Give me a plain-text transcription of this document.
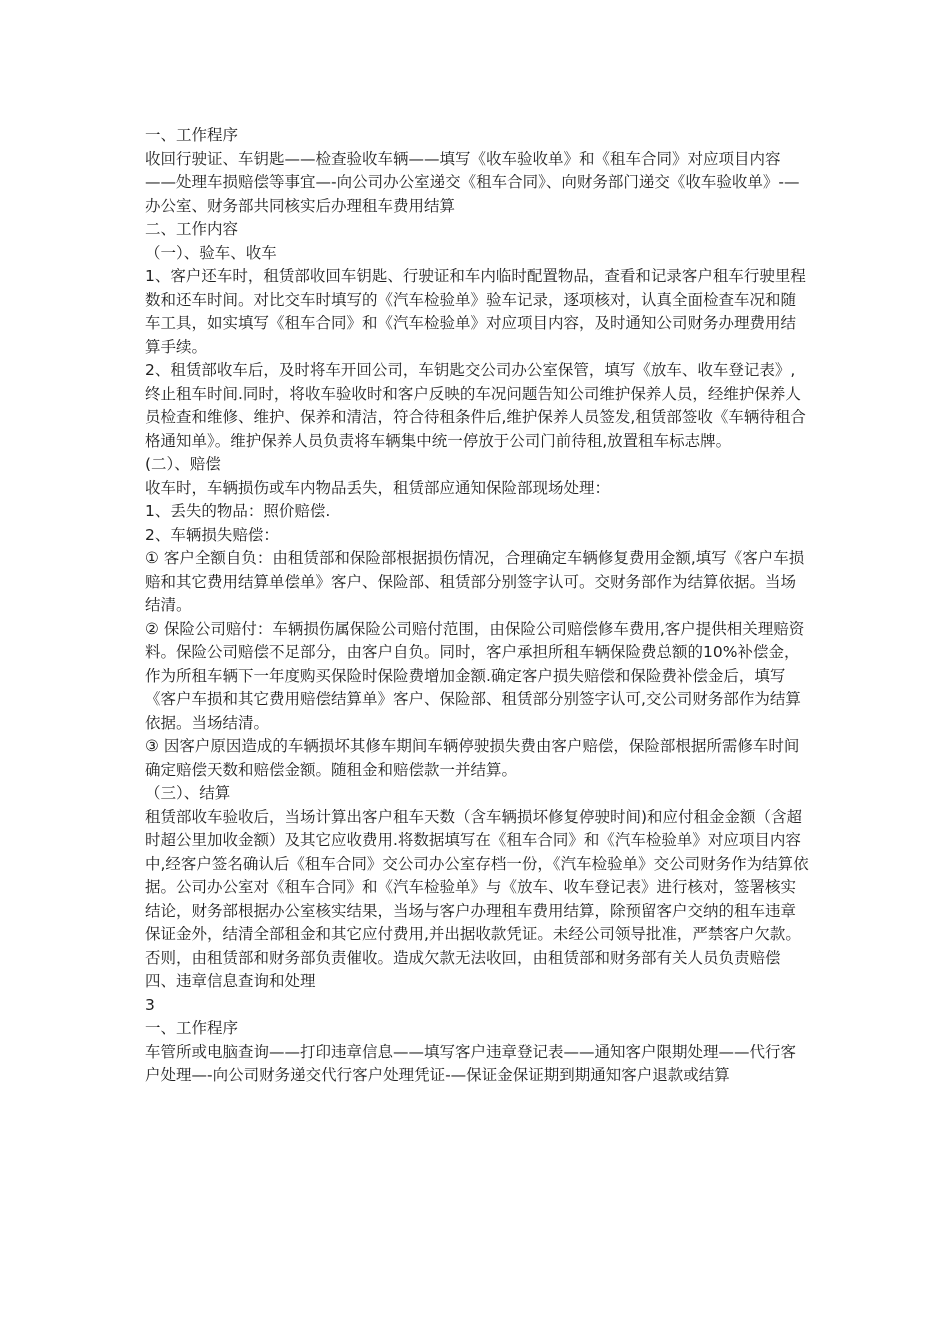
一、工作程序

收回行驶证、车钥匙——检查验收车辆——填写《收车验收单》和《租车合同》对应项目内容——处理车损赔偿等事宜—-向公司办公室递交《租车合同》、向财务部门递交《收车验收单》-—办公室、财务部共同核实后办理租车费用结算

二、工作内容

（一）、验车、收车

1、客户还车时，租赁部收回车钥匙、行驶证和车内临时配置物品，查看和记录客户租车行驶里程数和还车时间。对比交车时填写的《汽车检验单》验车记录，逐项核对，认真全面检查车况和随车工具，如实填写《租车合同》和《汽车检验单》对应项目内容，及时通知公司财务办理费用结算手续。

2、租赁部收车后，及时将车开回公司，车钥匙交公司办公室保管，填写《放车、收车登记表》,终止租车时间.同时，将收车验收时和客户反映的车况问题告知公司维护保养人员，经维护保养人员检查和维修、维护、保养和清洁，符合待租条件后,维护保养人员签发,租赁部签收《车辆待租合格通知单》。维护保养人员负责将车辆集中统一停放于公司门前待租,放置租车标志牌。

(二）、赔偿

收车时，车辆损伤或车内物品丢失，租赁部应通知保险部现场处理：

1、丢失的物品：照价赔偿.

2、车辆损失赔偿：

① 客户全额自负：由租赁部和保险部根据损伤情况，合理确定车辆修复费用金额,填写《客户车损赔和其它费用结算单偿单》客户、保险部、租赁部分别签字认可。交财务部作为结算依据。当场结清。

② 保险公司赔付：车辆损伤属保险公司赔付范围，由保险公司赔偿修车费用,客户提供相关理赔资料。保险公司赔偿不足部分，由客户自负。同时，客户承担所租车辆保险费总额的10%补偿金，作为所租车辆下一年度购买保险时保险费增加金额.确定客户损失赔偿和保险费补偿金后，填写《客户车损和其它费用赔偿结算单》客户、保险部、租赁部分别签字认可,交公司财务部作为结算依据。当场结清。

③ 因客户原因造成的车辆损坏其修车期间车辆停驶损失费由客户赔偿，保险部根据所需修车时间确定赔偿天数和赔偿金额。随租金和赔偿款一并结算。

（三）、结算

租赁部收车验收后，当场计算出客户租车天数（含车辆损坏修复停驶时间)和应付租金金额（含超时超公里加收金额）及其它应收费用.将数据填写在《租车合同》和《汽车检验单》对应项目内容中,经客户签名确认后《租车合同》交公司办公室存档一份，《汽车检验单》交公司财务作为结算依据。公司办公室对《租车合同》和《汽车检验单》与《放车、收车登记表》进行核对，签署核实结论，财务部根据办公室核实结果，当场与客户办理租车费用结算，除预留客户交纳的租车违章保证金外，结清全部租金和其它应付费用,并出据收款凭证。未经公司领导批准，严禁客户欠款。否则，由租赁部和财务部负责催收。造成欠款无法收回，由租赁部和财务部有关人员负责赔偿

四、违章信息查询和处理

3

一、工作程序

车管所或电脑查询——打印违章信息——填写客户违章登记表——通知客户限期处理——代行客户处理—-向公司财务递交代行客户处理凭证-—保证金保证期到期通知客户退款或结算
